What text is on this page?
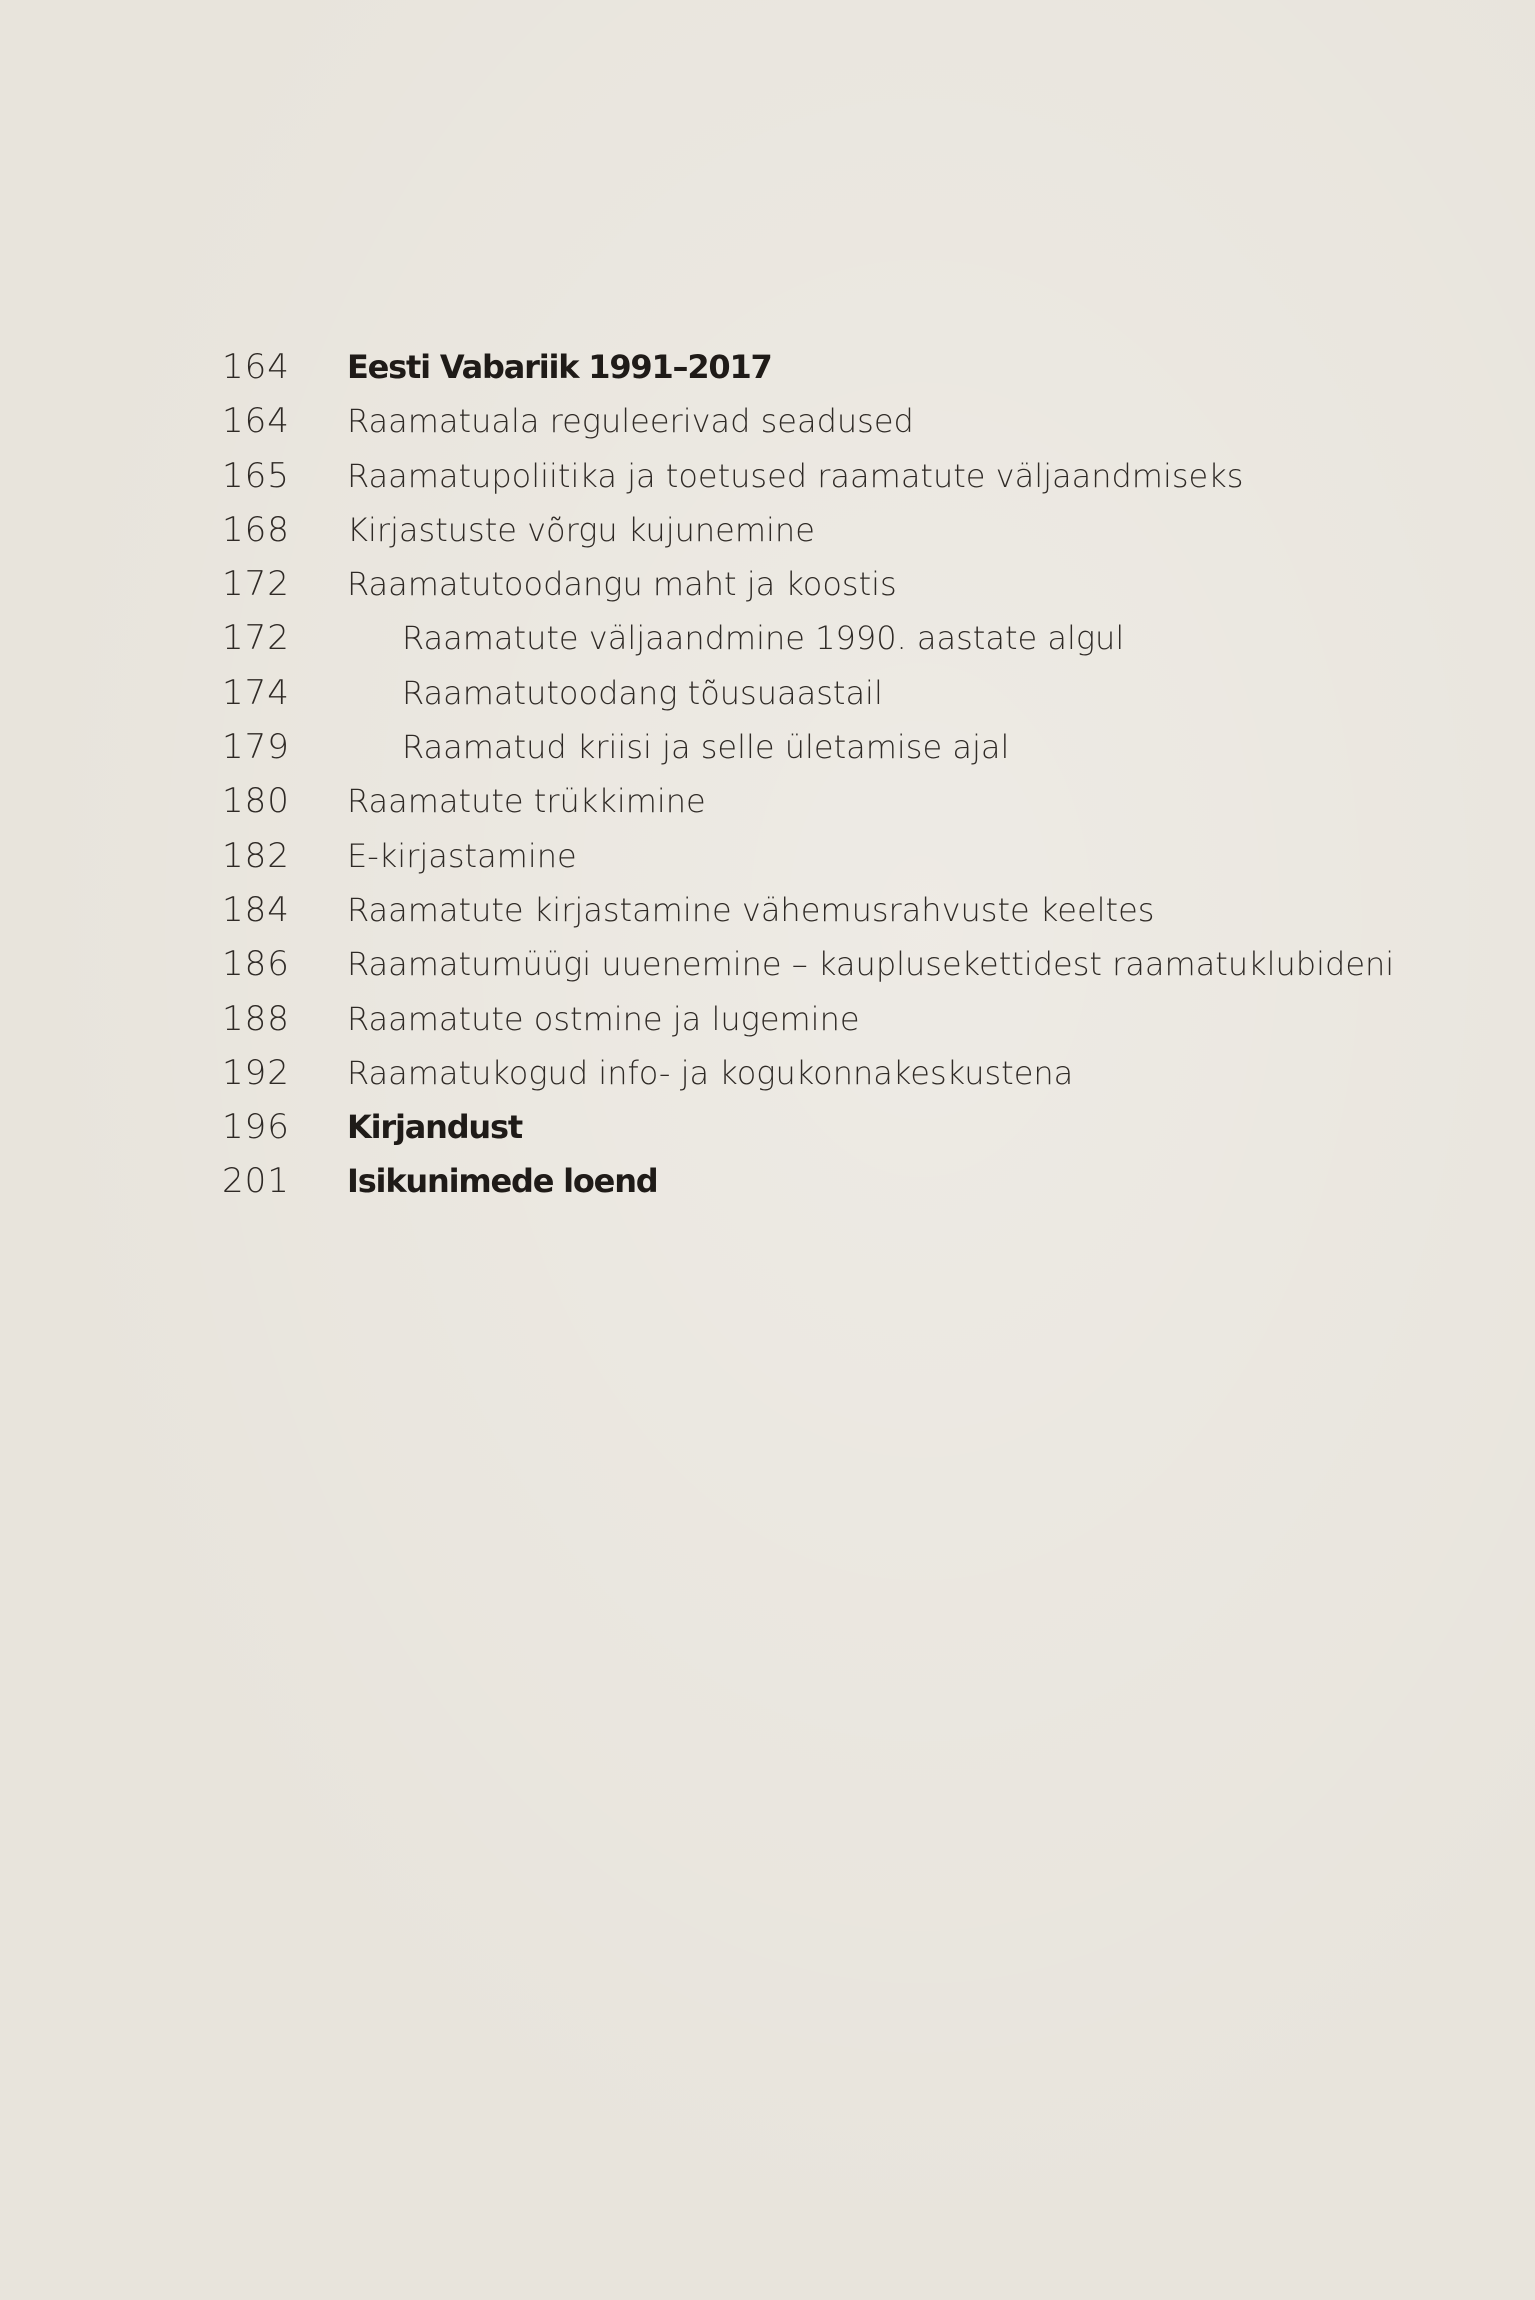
164 Eesti Vabariik 1991–2017
164 Raamatuala reguleerivad seadused
165 Raamatupoliitika ja toetused raamatute väljaandmiseks
168 Kirjastuste võrgu kujunemine
172 Raamatutoodangu maht ja koostis
172	Raamatute väljaandmine 1990. aastate algul
174	Raamatutoodang tõusuaastail
179	Raamatud kriisi ja selle ületamise ajal
180 Raamatute trükkimine
182 E-kirjastamine
184 Raamatute kirjastamine vähemusrahvuste keeltes
186 Raamatumüügi uuenemine – kauplusekettidest raamatuklubideni
188 Raamatute ostmine ja lugemine
192 Raamatukogud info- ja kogukonnakeskustena
196 Kirjandust
201 Isikunimede loend
